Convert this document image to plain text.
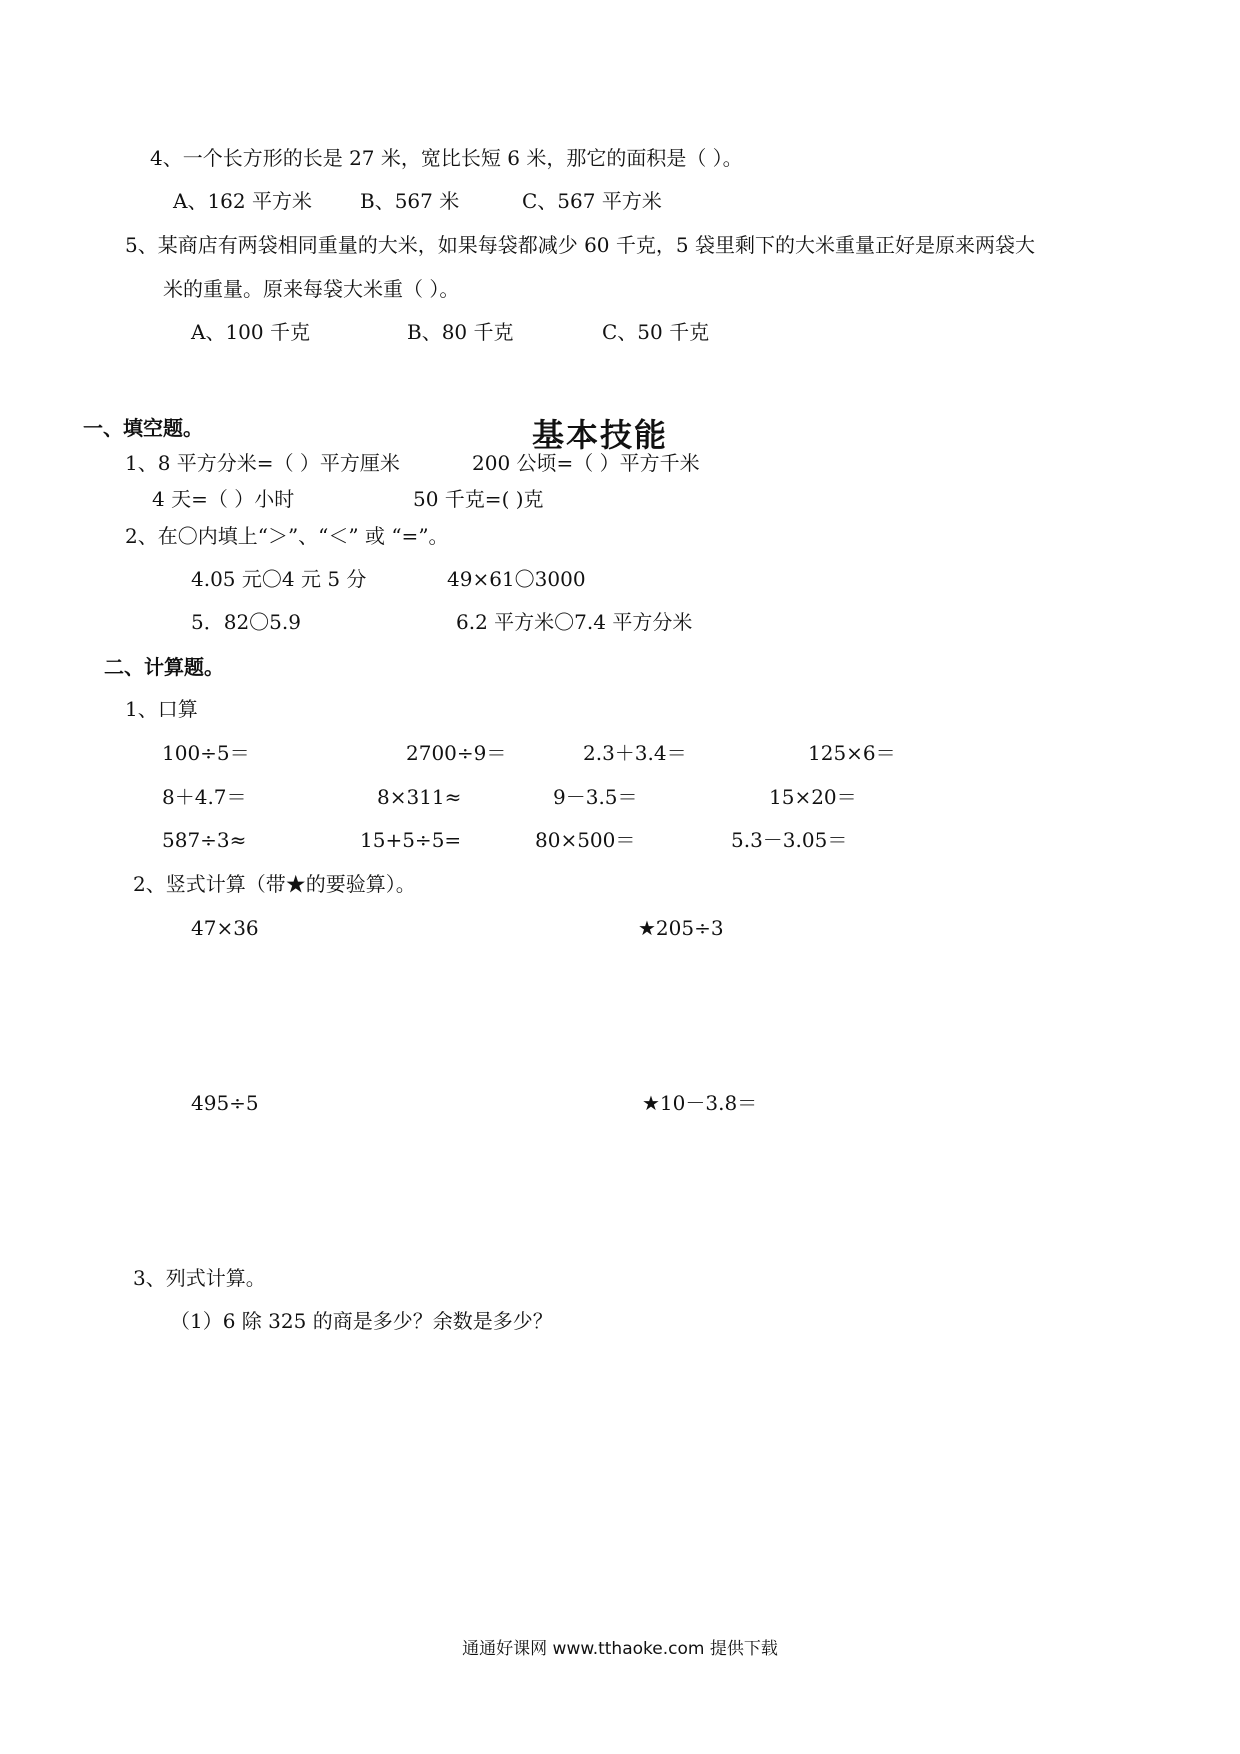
4、一个长方形的长是 27 米，宽比长短 6 米，那它的面积是（ ）。
A、162 平方米 B、567 米	C、567 平方米
5、某商店有两袋相同重量的大米，如果每袋都减少 60 千克，5 袋里剩下的大米重量正好是原来两袋大
米的重量。原来每袋大米重（ ）。
A、100 千克	B、80 千克	C、50 千克
基本技能
一、填空题。
1、8 平方分米=（ ）平方厘米	200 公顷=（ ）平方千米
4 天=（ ）小时	50 千克=( )克
2、在〇内填上“＞”、“＜” 或 “=”。
4.05 元〇4 元 5 分	49×61〇3000
5．82〇5.9	6.2 平方米〇7.4 平方分米
二、计算题。
1、口算
100÷5＝	2700÷9＝	2.3＋3.4＝	125×6＝
8＋4.7＝	8×311≈	9－3.5＝	15×20＝
587÷3≈	15+5÷5=	80×500＝	5.3－3.05＝
2、竖式计算（带★的要验算）。
47×36	★205÷3
495÷5	★10－3.8＝
3、列式计算。
（1）6 除 325 的商是多少？余数是多少？
通通好课网 www.tthaoke.com 提供下载
